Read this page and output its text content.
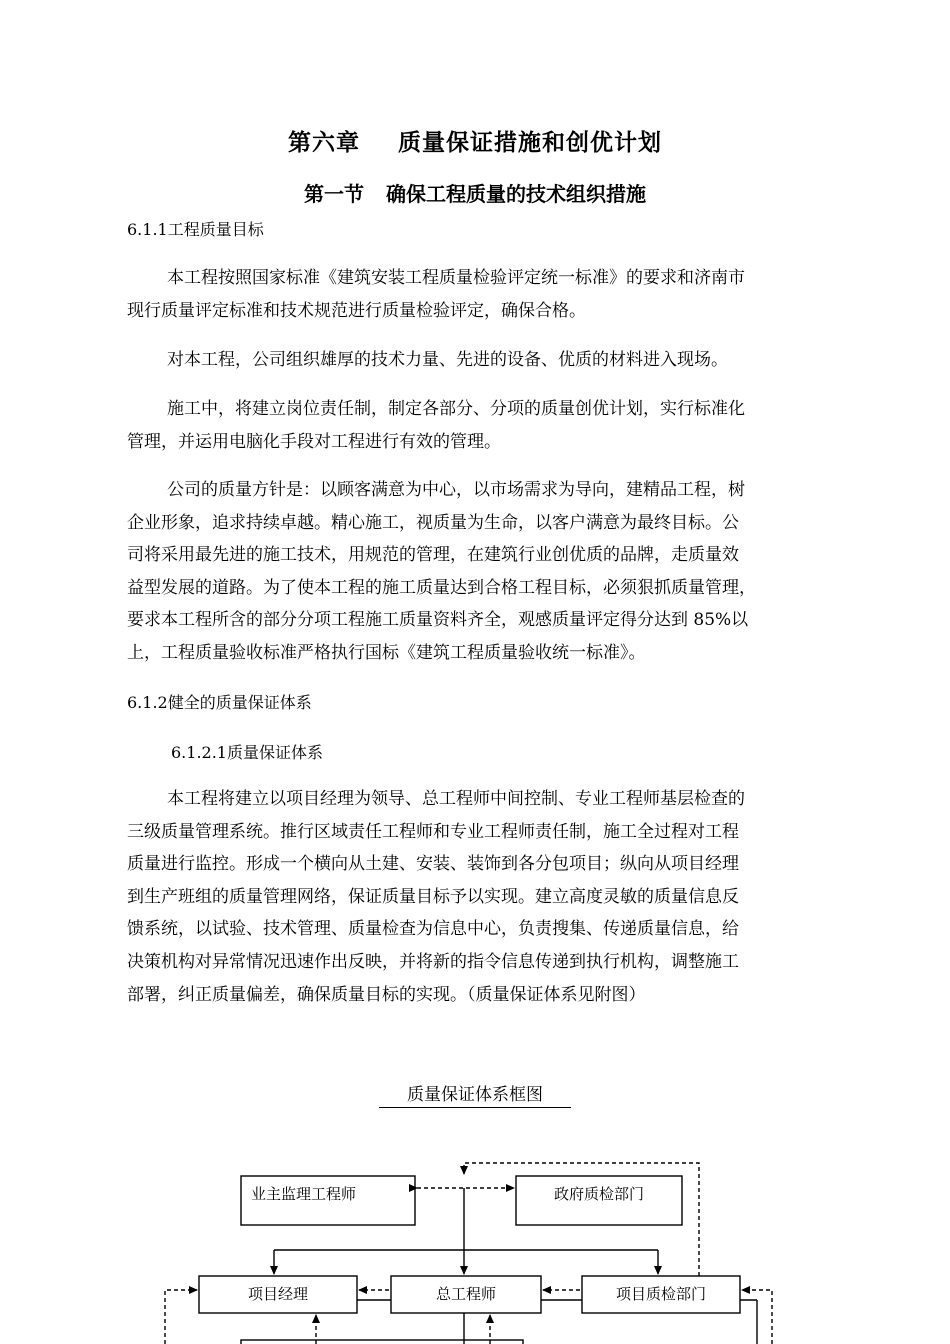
第六章 质量保证措施和创优计划
第一节 确保工程质量的技术组织措施
6.1.1工程质量目标
本工程按照国家标准《建筑安装工程质量检验评定统一标准》的要求和济南市
现行质量评定标准和技术规范进行质量检验评定，确保合格。
对本工程，公司组织雄厚的技术力量、先进的设备、优质的材料进入现场。
施工中，将建立岗位责任制，制定各部分、分项的质量创优计划，实行标准化
管理，并运用电脑化手段对工程进行有效的管理。
公司的质量方针是：以顾客满意为中心，以市场需求为导向，建精品工程，树
企业形象，追求持续卓越。精心施工，视质量为生命，以客户满意为最终目标。公
司将采用最先进的施工技术，用规范的管理，在建筑行业创优质的品牌，走质量效
益型发展的道路。为了使本工程的施工质量达到合格工程目标，必须狠抓质量管理，
要求本工程所含的部分分项工程施工质量资料齐全，观感质量评定得分达到 85%以
上，工程质量验收标准严格执行国标《建筑工程质量验收统一标准》。
6.1.2健全的质量保证体系
6.1.2.1质量保证体系
本工程将建立以项目经理为领导、总工程师中间控制、专业工程师基层检查的
三级质量管理系统。推行区域责任工程师和专业工程师责任制，施工全过程对工程
质量进行监控。形成一个横向从土建、安装、装饰到各分包项目；纵向从项目经理
到生产班组的质量管理网络，保证质量目标予以实现。建立高度灵敏的质量信息反
馈系统，以试验、技术管理、质量检查为信息中心，负责搜集、传递质量信息，给
决策机构对异常情况迅速作出反映，并将新的指令信息传递到执行机构，调整施工
部署，纠正质量偏差，确保质量目标的实现。（质量保证体系见附图）
质量保证体系框图
业主监理工程师	政府质检部门
项目经理	总工程师	项目质检部门
